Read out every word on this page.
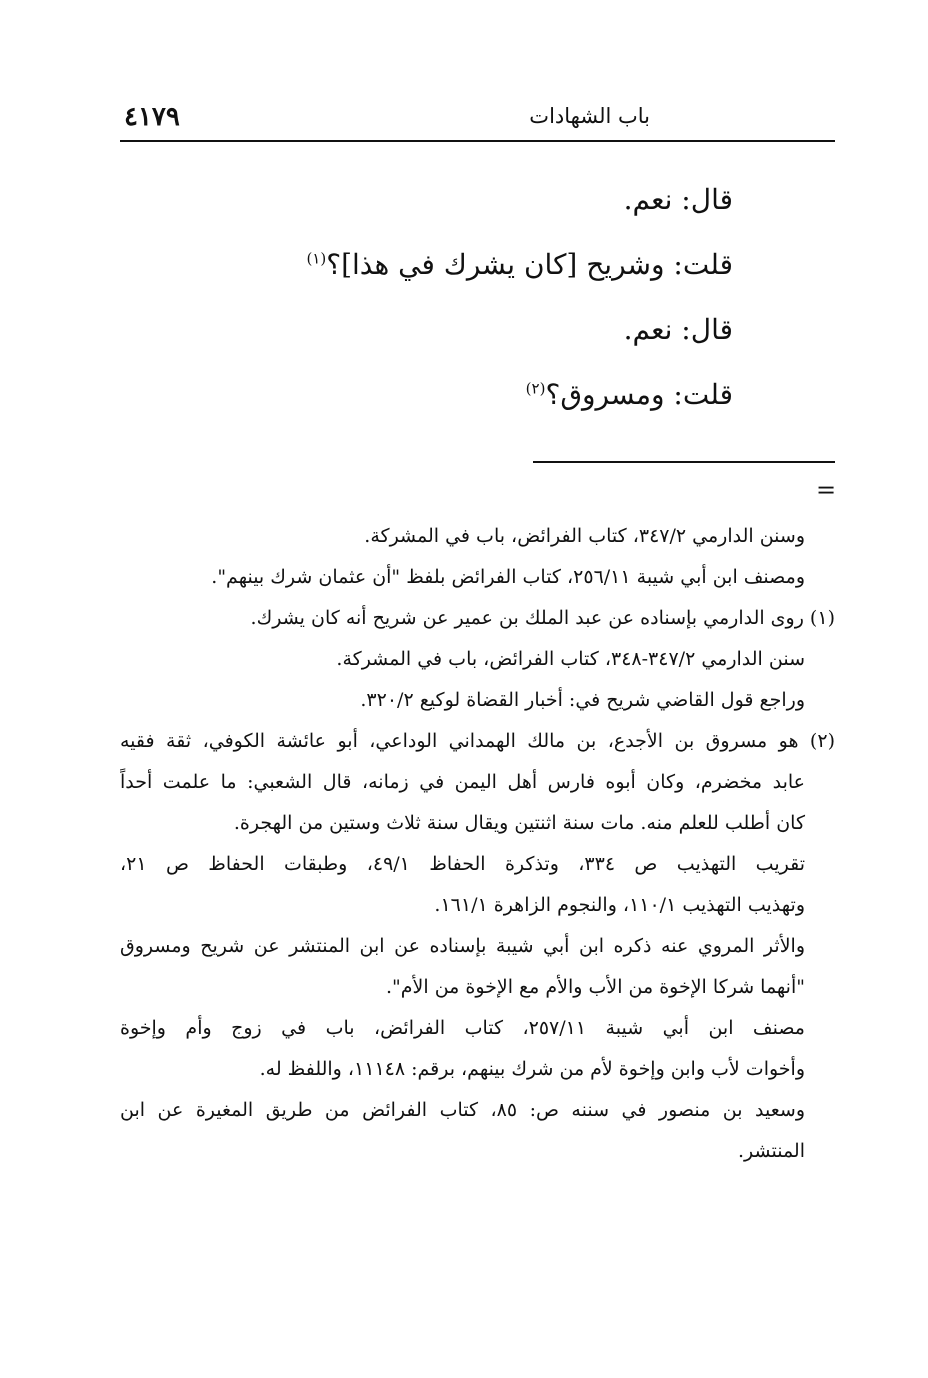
٤١٧٩	باب الشهادات
قال: نعم.
قلت: وشريح [كان يشرك في هذا]؟$^{(١)}$
قال: نعم.
قلت: ومسروق؟$^{(٢)}$
=
وسنن الدارمي ٣٤٧/٢، كتاب الفرائض، باب في المشركة.
ومصنف ابن أبي شيبة ٢٥٦/١١، كتاب الفرائض بلفظ "أن عثمان شرك بينهم".
(١) روى الدارمي بإسناده عن عبد الملك بن عمير عن شريح أنه كان يشرك.
سنن الدارمي ٣٤٧/٢-٣٤٨، كتاب الفرائض، باب في المشركة.
وراجع قول القاضي شريح في: أخبار القضاة لوكيع ٣٢٠/٢.
(٢) هو مسروق بن الأجدع، بن مالك الهمداني الوداعي، أبو عائشة الكوفي، ثقة فقيه
عابد مخضرم، وكان أبوه فارس أهل اليمن في زمانه، قال الشعبي: ما علمت أحداً
كان أطلب للعلم منه. مات سنة اثنتين ويقال سنة ثلاث وستين من الهجرة.
تقريب التهذيب ص ٣٣٤، وتذكرة الحفاظ ٤٩/١، وطبقات الحفاظ ص ٢١،
وتهذيب التهذيب ١١٠/١، والنجوم الزاهرة ١٦١/١.
والأثر المروي عنه ذكره ابن أبي شيبة بإسناده عن ابن المنتشر عن شريح ومسروق
"أنهما شركا الإخوة من الأب والأم مع الإخوة من الأم".
مصنف ابن أبي شيبة ٢٥٧/١١، كتاب الفرائض، باب في زوج وأم وإخوة
وأخوات لأب وابن وإخوة لأم من شرك بينهم، برقم: ١١١٤٨، واللفظ له.
وسعيد بن منصور في سننه ص: ٨٥، كتاب الفرائض من طريق المغيرة عن ابن
المنتشر.
